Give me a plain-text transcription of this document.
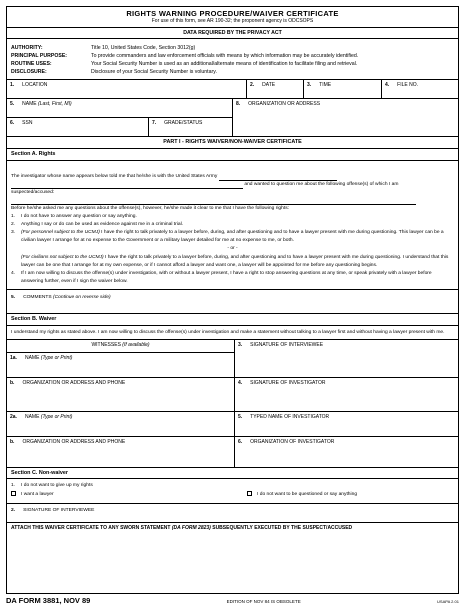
RIGHTS WARNING PROCEDURE/WAIVER CERTIFICATE
For use of this form, see AR 190-32; the proponent agency is ODCSOPS
DATA REQUIRED BY THE PRIVACY ACT
AUTHORITY:	Title 10, United States Code, Section 3012(g)
PRINCIPAL PURPOSE:	To provide commanders and law enforcement officials with means by which information may be accurately identified.
ROUTINE USES:	Your Social Security Number is used as an additional/alternate means of identification to facilitate filing and retrieval.
DISCLOSURE:	Disclosure of your Social Security Number is voluntary.
1. LOCATION	2. DATE	3. TIME	4. FILE NO.
5. NAME (Last, First, MI)
6. SSN	7. GRADE/STATUS
8. ORGANIZATION OR ADDRESS
PART I - RIGHTS WAIVER/NON-WAIVER CERTIFICATE
Section A. Rights
The investigator whose name appears below told me that he/she is with the United States Army
and wanted to question me about the following offense(s) of which I am
suspected/accused:
Before he/she asked me any questions about the offense(s), however, he/she made it clear to me that I have the following rights:
1.	I do not have to answer any question or say anything.
2.	Anything I say or do can be used as evidence against me in a criminal trial.
3.	(For personnel subject to the UCMJ) I have the right to talk privately to a lawyer before, during, and after questioning and to have a lawyer present with me during questioning. This lawyer can be a civilian lawyer I arrange for at no expense to the Government or a military lawyer detailed for me at no expense to me, or both.
- or -
(For civilians not subject to the UCMJ) I have the right to talk privately to a lawyer before, during, and after questioning and to have a lawyer present with me during questioning. I understand that this lawyer can be one that I arrange for at my own expense, or if I cannot afford a lawyer and want one, a lawyer will be appointed for me before any questioning begins.
4.	If I am now willing to discuss the offense(s) under investigation, with or without a lawyer present, I have a right to stop answering questions at any time, or speak privately with a lawyer before answering further, even if I sign the waiver below.
5. COMMENTS (Continue on reverse side)
Section B. Waiver
I understand my rights as stated above. I am now willing to discuss the offense(s) under investigation and make a statement without talking to a lawyer first and without having a lawyer present with me.
WITNESSES (If available)
1a. NAME (Type or Print)
b. ORGANIZATION OR ADDRESS AND PHONE
2a. NAME (Type or Print)
b. ORGANIZATION OR ADDRESS AND PHONE
3. SIGNATURE OF INTERVIEWEE
4. SIGNATURE OF INVESTIGATOR
5. TYPED NAME OF INVESTIGATOR
6. ORGANIZATION OF INVESTIGATOR
Section C. Non-waiver
1.	I do not want to give up my rights
I want a lawyer	I do not want to be questioned or say anything
2. SIGNATURE OF INTERVIEWEE
ATTACH THIS WAIVER CERTIFICATE TO ANY SWORN STATEMENT (DA FORM 2823) SUBSEQUENTLY EXECUTED BY THE SUSPECT/ACCUSED
DA FORM 3881, NOV 89	EDITION OF NOV 84 IS OBSOLETE	USAPA 2.01
